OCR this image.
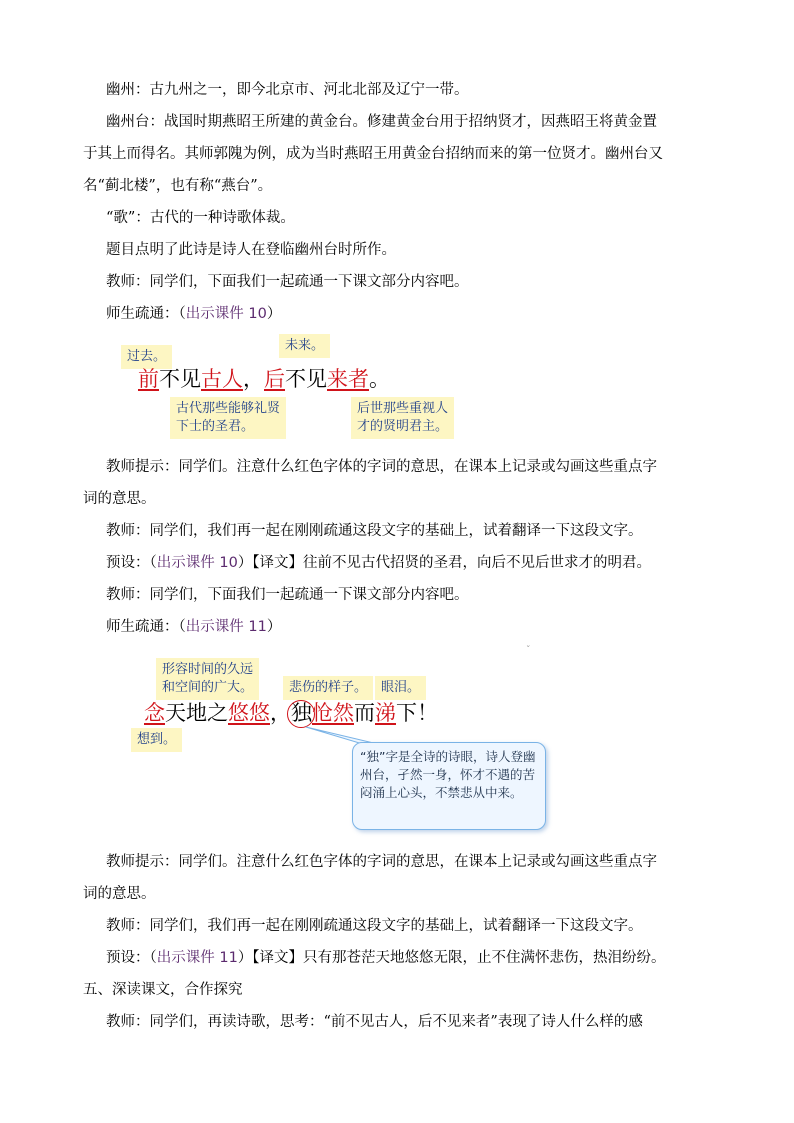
幽州：古九州之一，即今北京市、河北北部及辽宁一带。
幽州台：战国时期燕昭王所建的黄金台。修建黄金台用于招纳贤才，因燕昭王将黄金置
于其上而得名。其师郭隗为例，成为当时燕昭王用黄金台招纳而来的第一位贤才。幽州台又
名“蓟北楼”，也有称“燕台”。
“歌”：古代的一种诗歌体裁。
题目点明了此诗是诗人在登临幽州台时所作。
教师：同学们，下面我们一起疏通一下课文部分内容吧。
师生疏通：（出示课件 10）
过去。
未来。
前不见古人，后不见来者。
古代那些能够礼贤
下士的圣君。
后世那些重视人
才的贤明君主。
教师提示：同学们。注意什么红色字体的字词的意思，在课本上记录或勾画这些重点字
词的意思。
教师：同学们，我们再一起在刚刚疏通这段文字的基础上，试着翻译一下这段文字。
预设：（出示课件 10）【译文】往前不见古代招贤的圣君，向后不见后世求才的明君。
教师：同学们，下面我们一起疏通一下课文部分内容吧。
师生疏通：（出示课件 11）
ˇ
形容时间的久远
和空间的广大。	悲伤的样子。	眼泪。
念天地之悠悠，独怆然而涕下！
想到。
“独”字是全诗的诗眼，诗人登幽州台，孑然一身，怀才不遇的苦闷涌上心头，不禁悲从中来。
教师提示：同学们。注意什么红色字体的字词的意思，在课本上记录或勾画这些重点字
词的意思。
教师：同学们，我们再一起在刚刚疏通这段文字的基础上，试着翻译一下这段文字。
预设：（出示课件 11）【译文】只有那苍茫天地悠悠无限，止不住满怀悲伤，热泪纷纷。
五、深读课文，合作探究
教师：同学们，再读诗歌，思考：“前不见古人，后不见来者”表现了诗人什么样的感
